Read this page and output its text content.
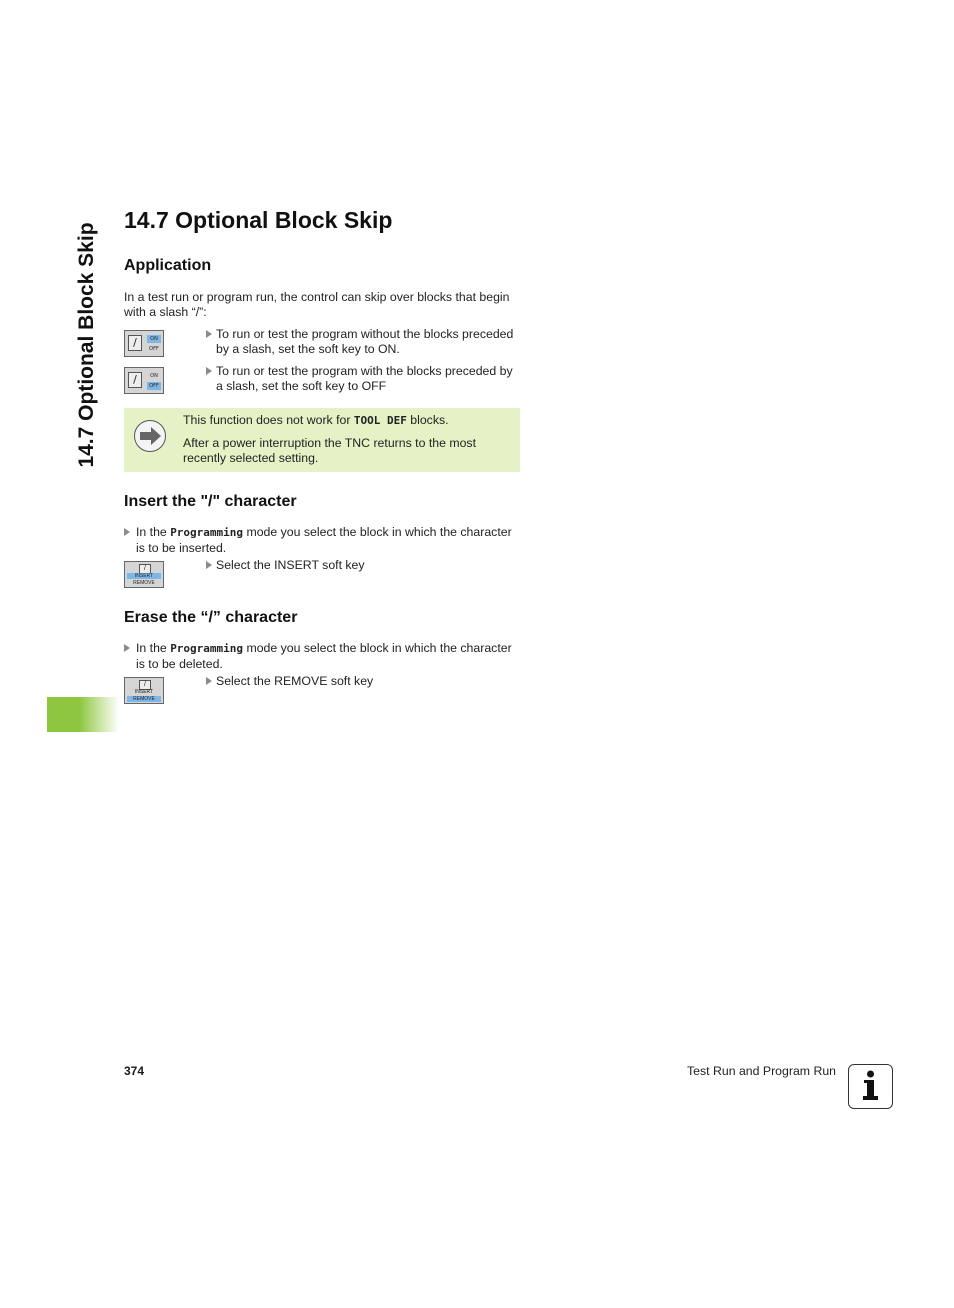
14.7 Optional Block Skip
14.7 Optional Block Skip
Application
In a test run or program run, the control can skip over blocks that begin with a slash “/”:
/	ON
OFF
To run or test the program without the blocks preceded by a slash, set the soft key to ON.
/	ON
OFF
To run or test the program with the blocks preceded by a slash, set the soft key to OFF
This function does not work for TOOL DEF blocks.
After a power interruption the TNC returns to the most recently selected setting.
Insert the "/" character
In the Programming mode you select the block in which the character is to be inserted.
/
INSERT
REMOVE
Select the INSERT soft key
Erase the “/” character
In the Programming mode you select the block in which the character is to be deleted.
/
INSERT
REMOVE
Select the REMOVE soft key
374	Test Run and Program Run
